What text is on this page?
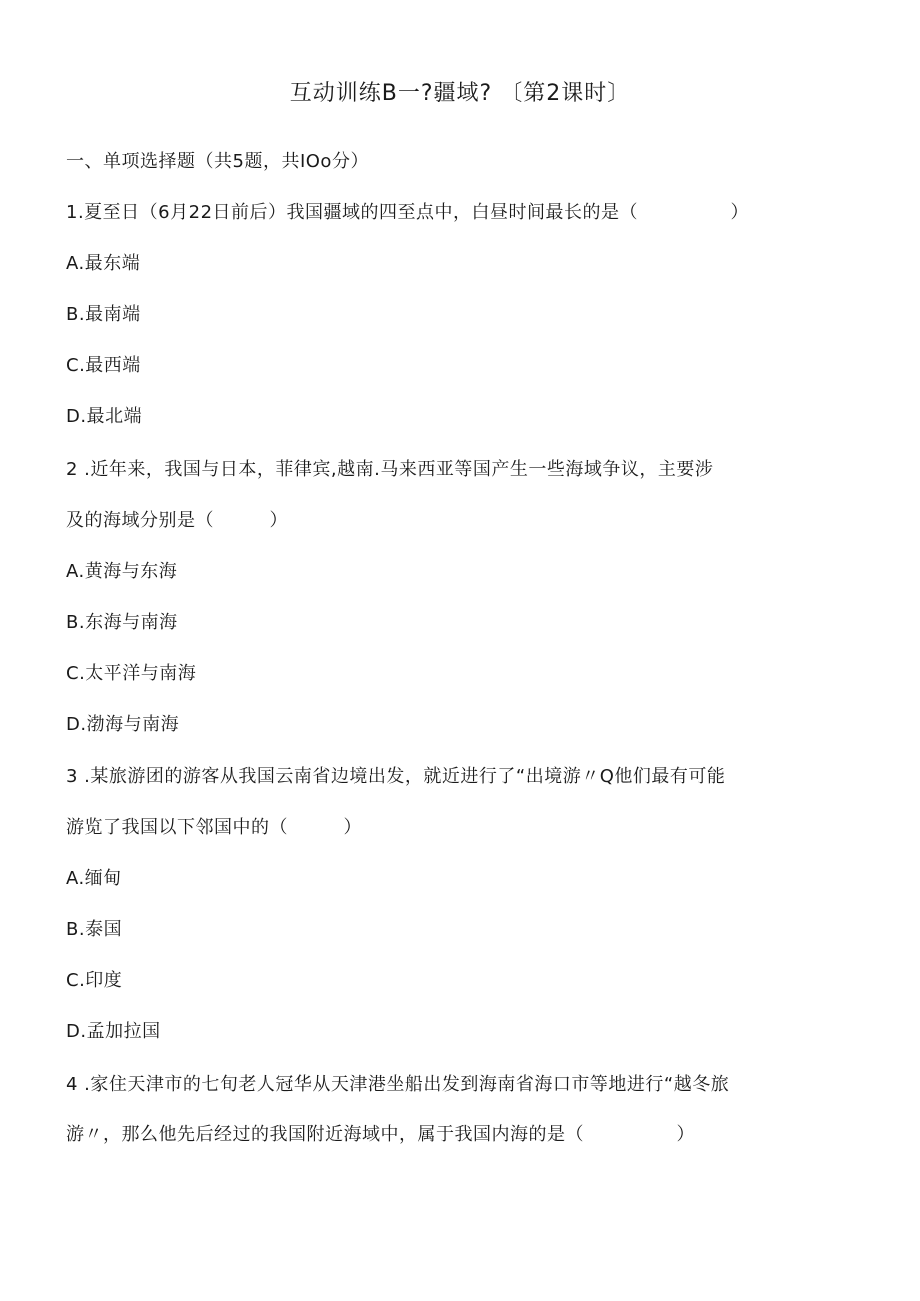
互动训练B一?疆域? 〔第2课时〕
一、单项选择题（共5题，共IOo分）
1.夏至日（6月22日前后）我国疆域的四至点中，白昼时间最长的是（　　　　　）
A.最东端
B.最南端
C.最西端
D.最北端
2 .近年来，我国与日本，菲律宾,越南.马来西亚等国产生一些海域争议，主要涉
及的海域分别是（　　　）
A.黄海与东海
B.东海与南海
C.太平洋与南海
D.渤海与南海
3 .某旅游团的游客从我国云南省边境出发，就近进行了“出境游〃Q他们最有可能
游览了我国以下邻国中的（　　　）
A.缅甸
B.泰国
C.印度
D.孟加拉国
4 .家住天津市的七旬老人冠华从天津港坐船出发到海南省海口市等地进行“越冬旅
游〃，那么他先后经过的我国附近海域中，属于我国内海的是（　　　　　）
